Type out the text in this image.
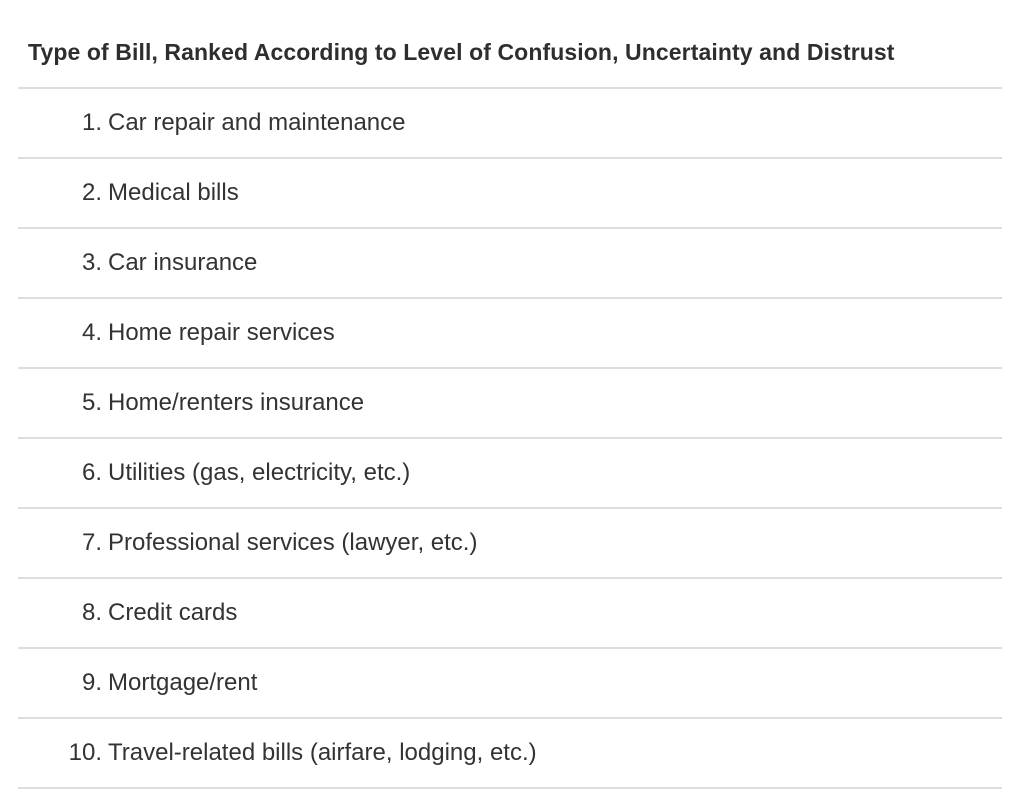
Type of Bill, Ranked According to Level of Confusion, Uncertainty and Distrust
1. Car repair and maintenance
2. Medical bills
3. Car insurance
4. Home repair services
5. Home/renters insurance
6. Utilities (gas, electricity, etc.)
7. Professional services (lawyer, etc.)
8. Credit cards
9. Mortgage/rent
10. Travel-related bills (airfare, lodging, etc.)
